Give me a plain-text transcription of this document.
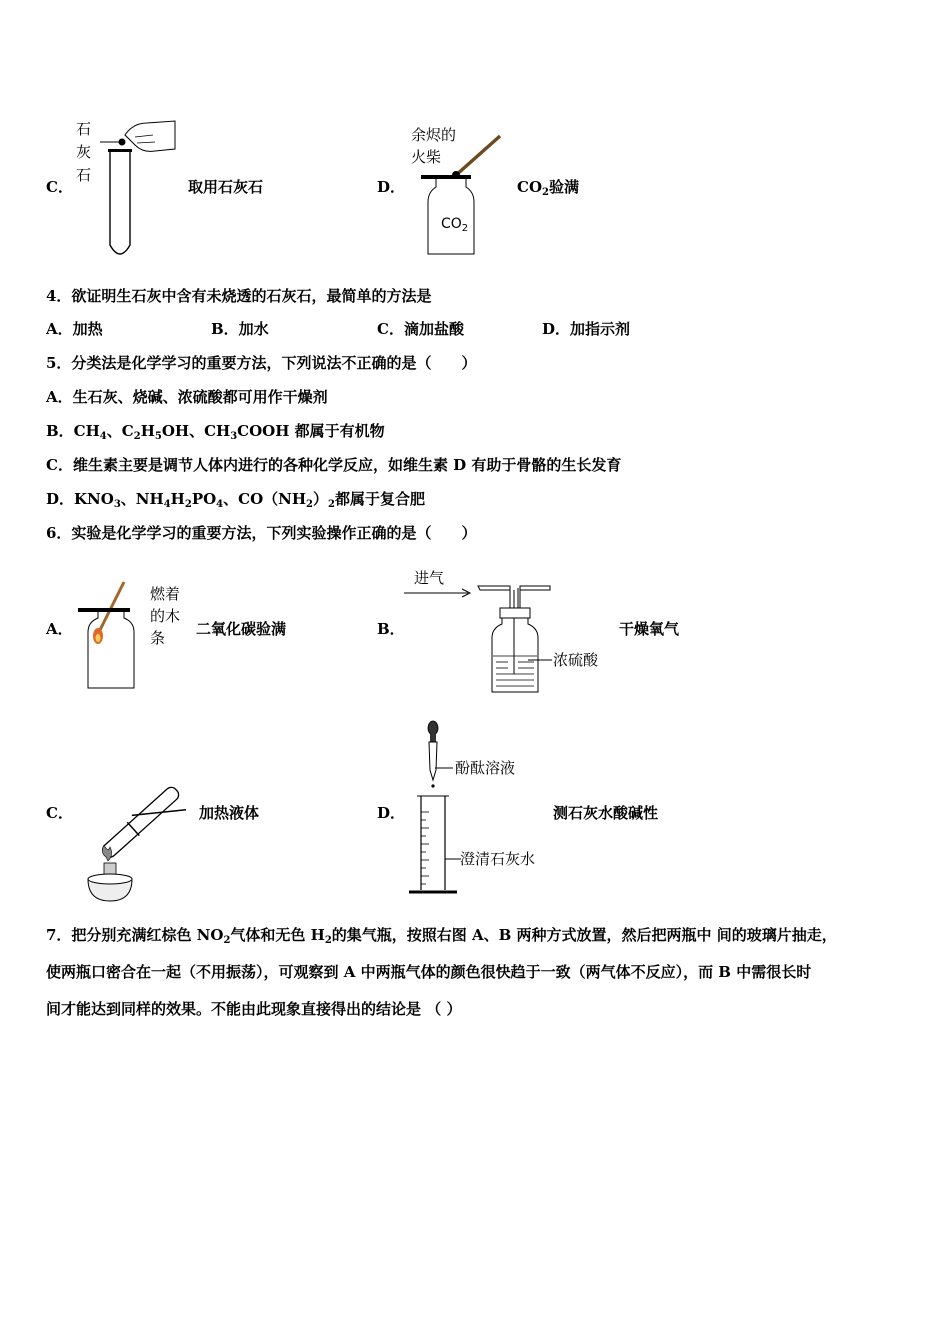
C．
石
灰
石
取用石灰石	D．
余烬的
火柴
$CO_2$
$CO_2$验满
4．欲证明生石灰中含有未烧透的石灰石，最简单的方法是
A．加热	B．加水	C．滴加盐酸	D．加指示剂
5．分类法是化学学习的重要方法，下列说法不正确的是（　　）
A．生石灰、烧碱、浓硫酸都可用作干燥剂
B．$CH_4$、$C_2H_5OH$、$CH_3COOH$ 都属于有机物
C．维生素主要是调节人体内进行的各种化学反应，如维生素 D 有助于骨骼的生长发育
D．$KNO_3$、$NH_4H_2PO_4$、$CO(NH_2)_2$都属于复合肥
6．实验是化学学习的重要方法，下列实验操作正确的是（　　）
A．
燃着
的木
条 二氧化碳验满	B．
进气
浓硫酸
干燥氧气
C．	加热液体	D．
酚酞溶液
澄清石灰水
测石灰水酸碱性
7．把分别充满红棕色 $NO_2$气体和无色 $H_2$的集气瓶，按照右图 A、B 两种方式放置，然后把两瓶中 间的玻璃片抽走，
使两瓶口密合在一起（不用振荡），可观察到 A 中两瓶气体的颜色很快趋于一致（两气体不反应），而 B 中需很长时
间才能达到同样的效果。不能由此现象直接得出的结论是 （ ）
